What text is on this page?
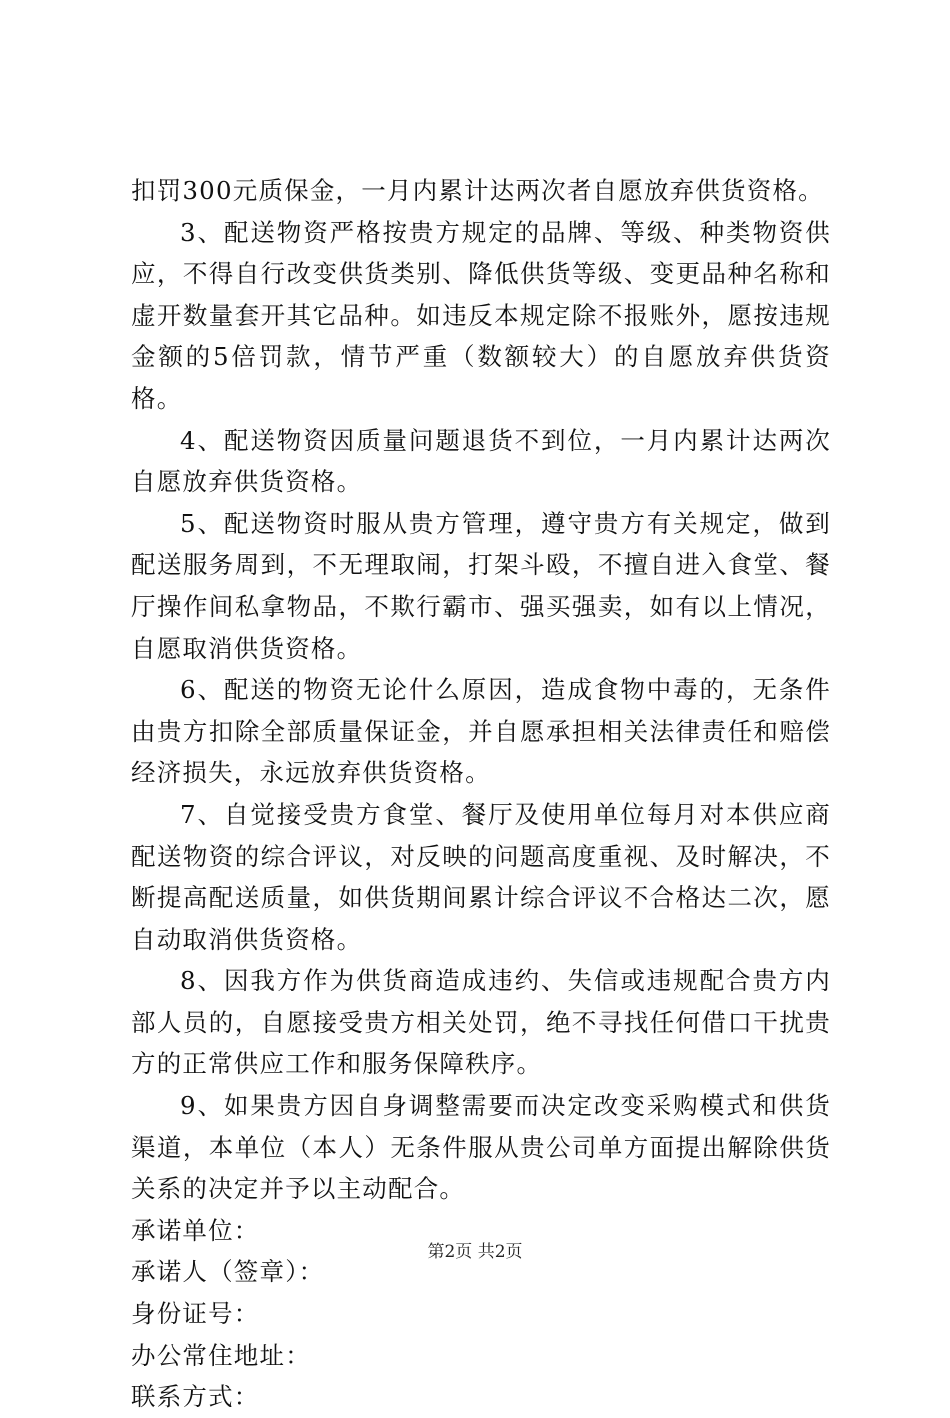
扣罚300元质保金，一月内累计达两次者自愿放弃供货资格。

3、配送物资严格按贵方规定的品牌、等级、种类物资供应，不得自行改变供货类别、降低供货等级、变更品种名称和虚开数量套开其它品种。如违反本规定除不报账外，愿按违规金额的5倍罚款，情节严重（数额较大）的自愿放弃供货资格。

4、配送物资因质量问题退货不到位，一月内累计达两次自愿放弃供货资格。

5、配送物资时服从贵方管理，遵守贵方有关规定，做到配送服务周到，不无理取闹，打架斗殴，不擅自进入食堂、餐厅操作间私拿物品，不欺行霸市、强买强卖，如有以上情况，自愿取消供货资格。

6、配送的物资无论什么原因，造成食物中毒的，无条件由贵方扣除全部质量保证金，并自愿承担相关法律责任和赔偿经济损失，永远放弃供货资格。

7、自觉接受贵方食堂、餐厅及使用单位每月对本供应商配送物资的综合评议，对反映的问题高度重视、及时解决，不断提高配送质量，如供货期间累计综合评议不合格达二次，愿自动取消供货资格。

8、因我方作为供货商造成违约、失信或违规配合贵方内部人员的，自愿接受贵方相关处罚，绝不寻找任何借口干扰贵方的正常供应工作和服务保障秩序。

9、如果贵方因自身调整需要而决定改变采购模式和供货渠道，本单位（本人）无条件服从贵公司单方面提出解除供货关系的决定并予以主动配合。

承诺单位：

承诺人（签章）：

身份证号：

办公常住地址：

联系方式：

第2页 共2页
